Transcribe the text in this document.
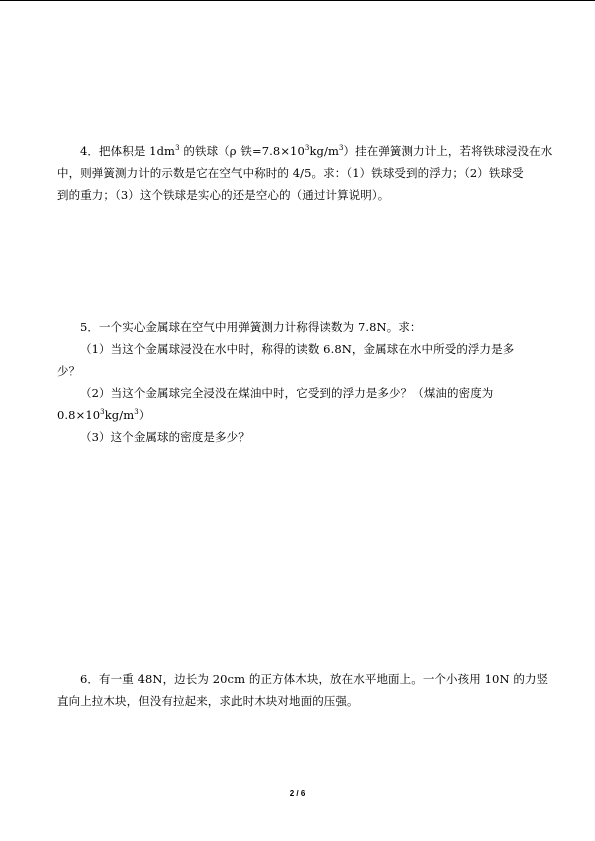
4．把体积是 $1dm^3$ 的铁球（ρ 铁$=7.8\times 10^3kg/m^3$）挂在弹簧测力计上，若将铁球浸没在水
中，则弹簧测力计的示数是它在空气中称时的 4/5。求：（1）铁球受到的浮力；（2）铁球受
到的重力；（3）这个铁球是实心的还是空心的（通过计算说明）。
5．一个实心金属球在空气中用弹簧测力计称得读数为 7.8N。求：
（1）当这个金属球浸没在水中时，称得的读数 6.8N，金属球在水中所受的浮力是多
少？
（2）当这个金属球完全浸没在煤油中时，它受到的浮力是多少？（煤油的密度为
$0.8\times 10^3kg/m^3$）
（3）这个金属球的密度是多少？
6．有一重 48N，边长为 20cm 的正方体木块，放在水平地面上。一个小孩用 10N 的力竖
直向上拉木块，但没有拉起来，求此时木块对地面的压强。
2 / 6
